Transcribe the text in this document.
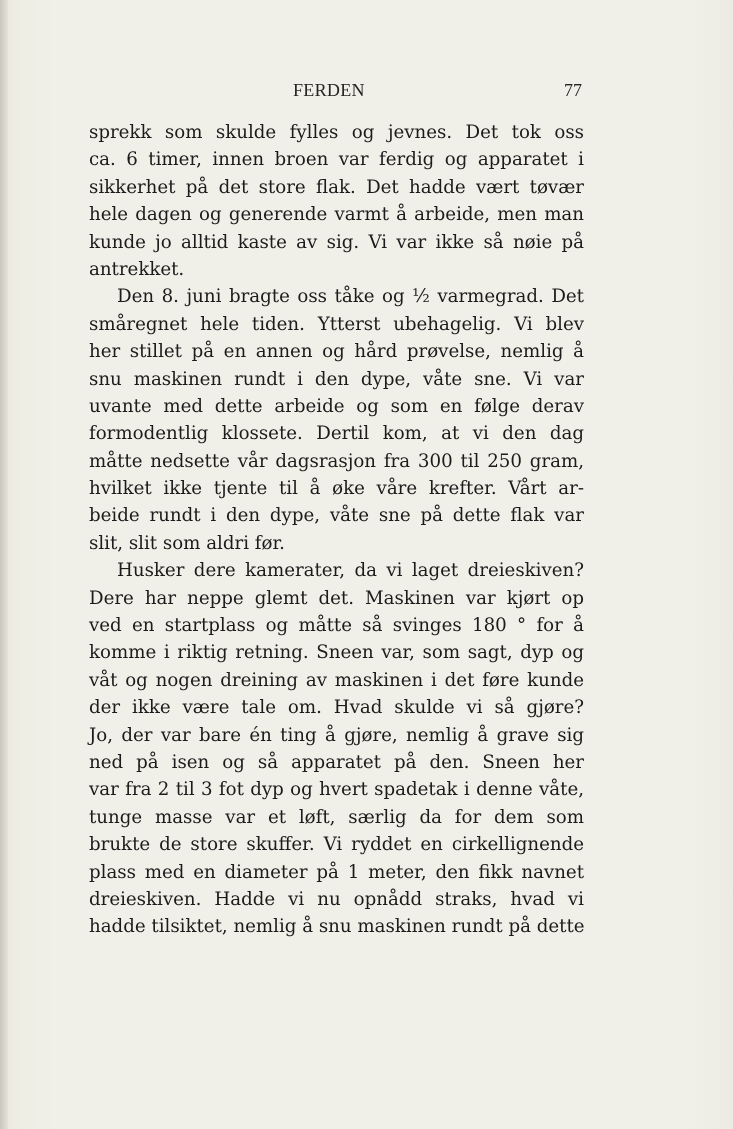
FERDEN	77
sprekk som skulde fylles og jevnes. Det tok oss
ca. 6 timer, innen broen var ferdig og apparatet i
sikkerhet på det store flak. Det hadde vært tøvær
hele dagen og generende varmt å arbeide, men man
kunde jo alltid kaste av sig. Vi var ikke så nøie på
antrekket.
Den 8. juni bragte oss tåke og ½ varmegrad. Det
småregnet hele tiden. Ytterst ubehagelig. Vi blev
her stillet på en annen og hård prøvelse, nemlig å
snu maskinen rundt i den dype, våte sne. Vi var
uvante med dette arbeide og som en følge derav
formodentlig klossete. Dertil kom, at vi den dag
måtte nedsette vår dagsrasjon fra 300 til 250 gram,
hvilket ikke tjente til å øke våre krefter. Vårt ar‑
beide rundt i den dype, våte sne på dette flak var
slit, slit som aldri før.
Husker dere kamerater, da vi laget dreieskiven?
Dere har neppe glemt det. Maskinen var kjørt op
ved en startplass og måtte så svinges 180 ° for å
komme i riktig retning. Sneen var, som sagt, dyp og
våt og nogen dreining av maskinen i det føre kunde
der ikke være tale om. Hvad skulde vi så gjøre?
Jo, der var bare én ting å gjøre, nemlig å grave sig
ned på isen og så apparatet på den. Sneen her
var fra 2 til 3 fot dyp og hvert spadetak i denne våte,
tunge masse var et løft, særlig da for dem som
brukte de store skuffer. Vi ryddet en cirkellignende
plass med en diameter på 1 meter, den fikk navnet
dreieskiven. Hadde vi nu opnådd straks, hvad vi
hadde tilsiktet, nemlig å snu maskinen rundt på dette
